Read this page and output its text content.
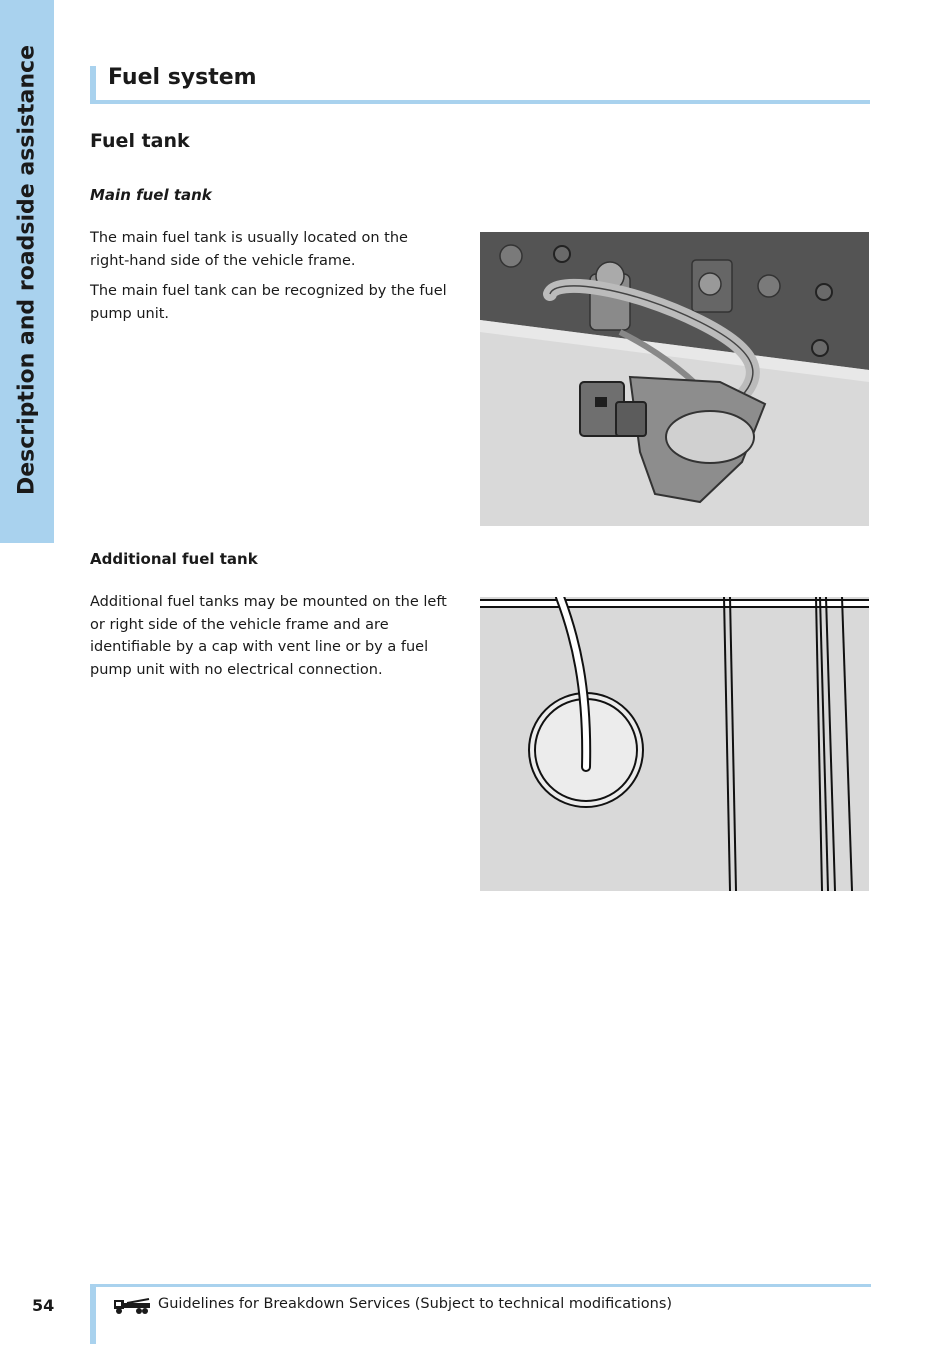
Description and roadside assistance	Fuel system
Fuel tank
Main fuel tank

The main fuel tank is usually located on the right-hand side of the vehicle frame.

The main fuel tank can be recognized by the fuel pump unit.

Additional fuel tank

Additional fuel tanks may be mounted on the left or right side of the vehicle frame and are identifiable by a cap with vent line or by a fuel pump unit with no electrical connection.

54	Guidelines for Breakdown Services (Subject to technical modifications)
